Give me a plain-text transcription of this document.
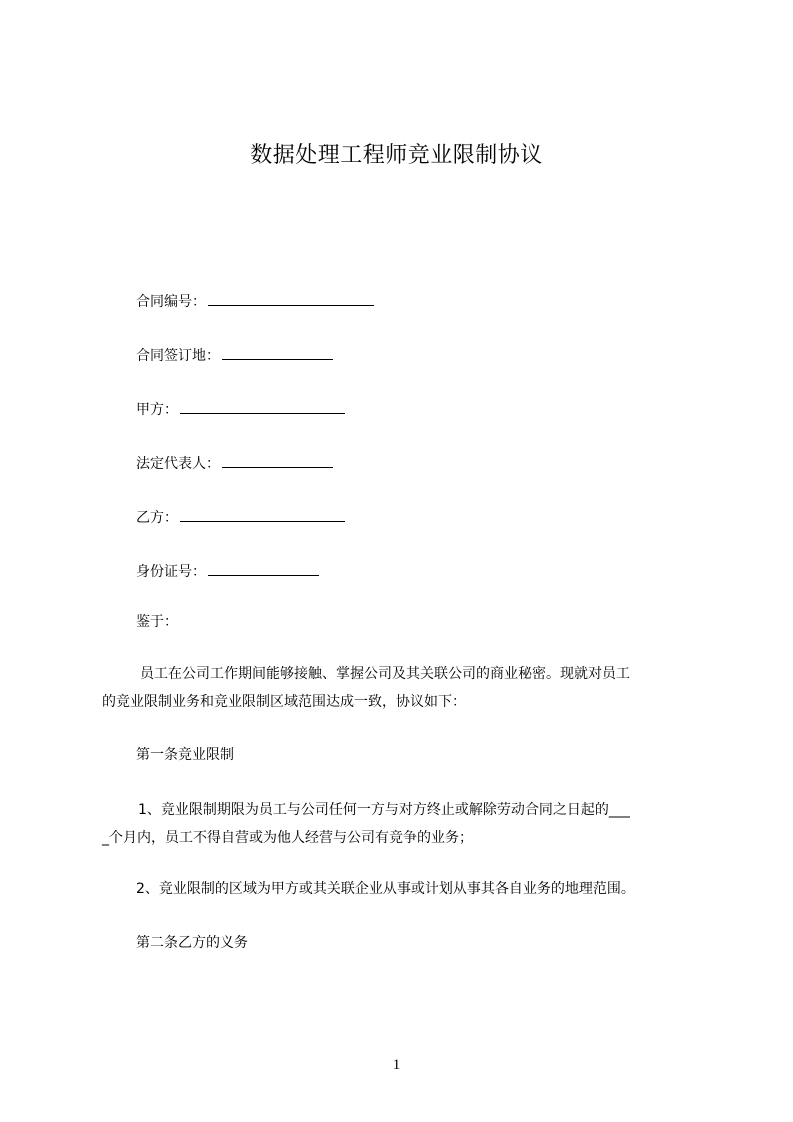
数据处理工程师竞业限制协议
合同编号：
合同签订地：
甲方：
法定代表人：
乙方：
身份证号：
鉴于：
员工在公司工作期间能够接触、掌握公司及其关联公司的商业秘密。现就对员工
的竞业限制业务和竞业限制区域范围达成一致，协议如下：
第一条竞业限制
1、竞业限制期限为员工与公司任何一方与对方终止或解除劳动合同之日起的___
_个月内，员工不得自营或为他人经营与公司有竞争的业务；
2、竞业限制的区域为甲方或其关联企业从事或计划从事其各自业务的地理范围。
第二条乙方的义务
1
